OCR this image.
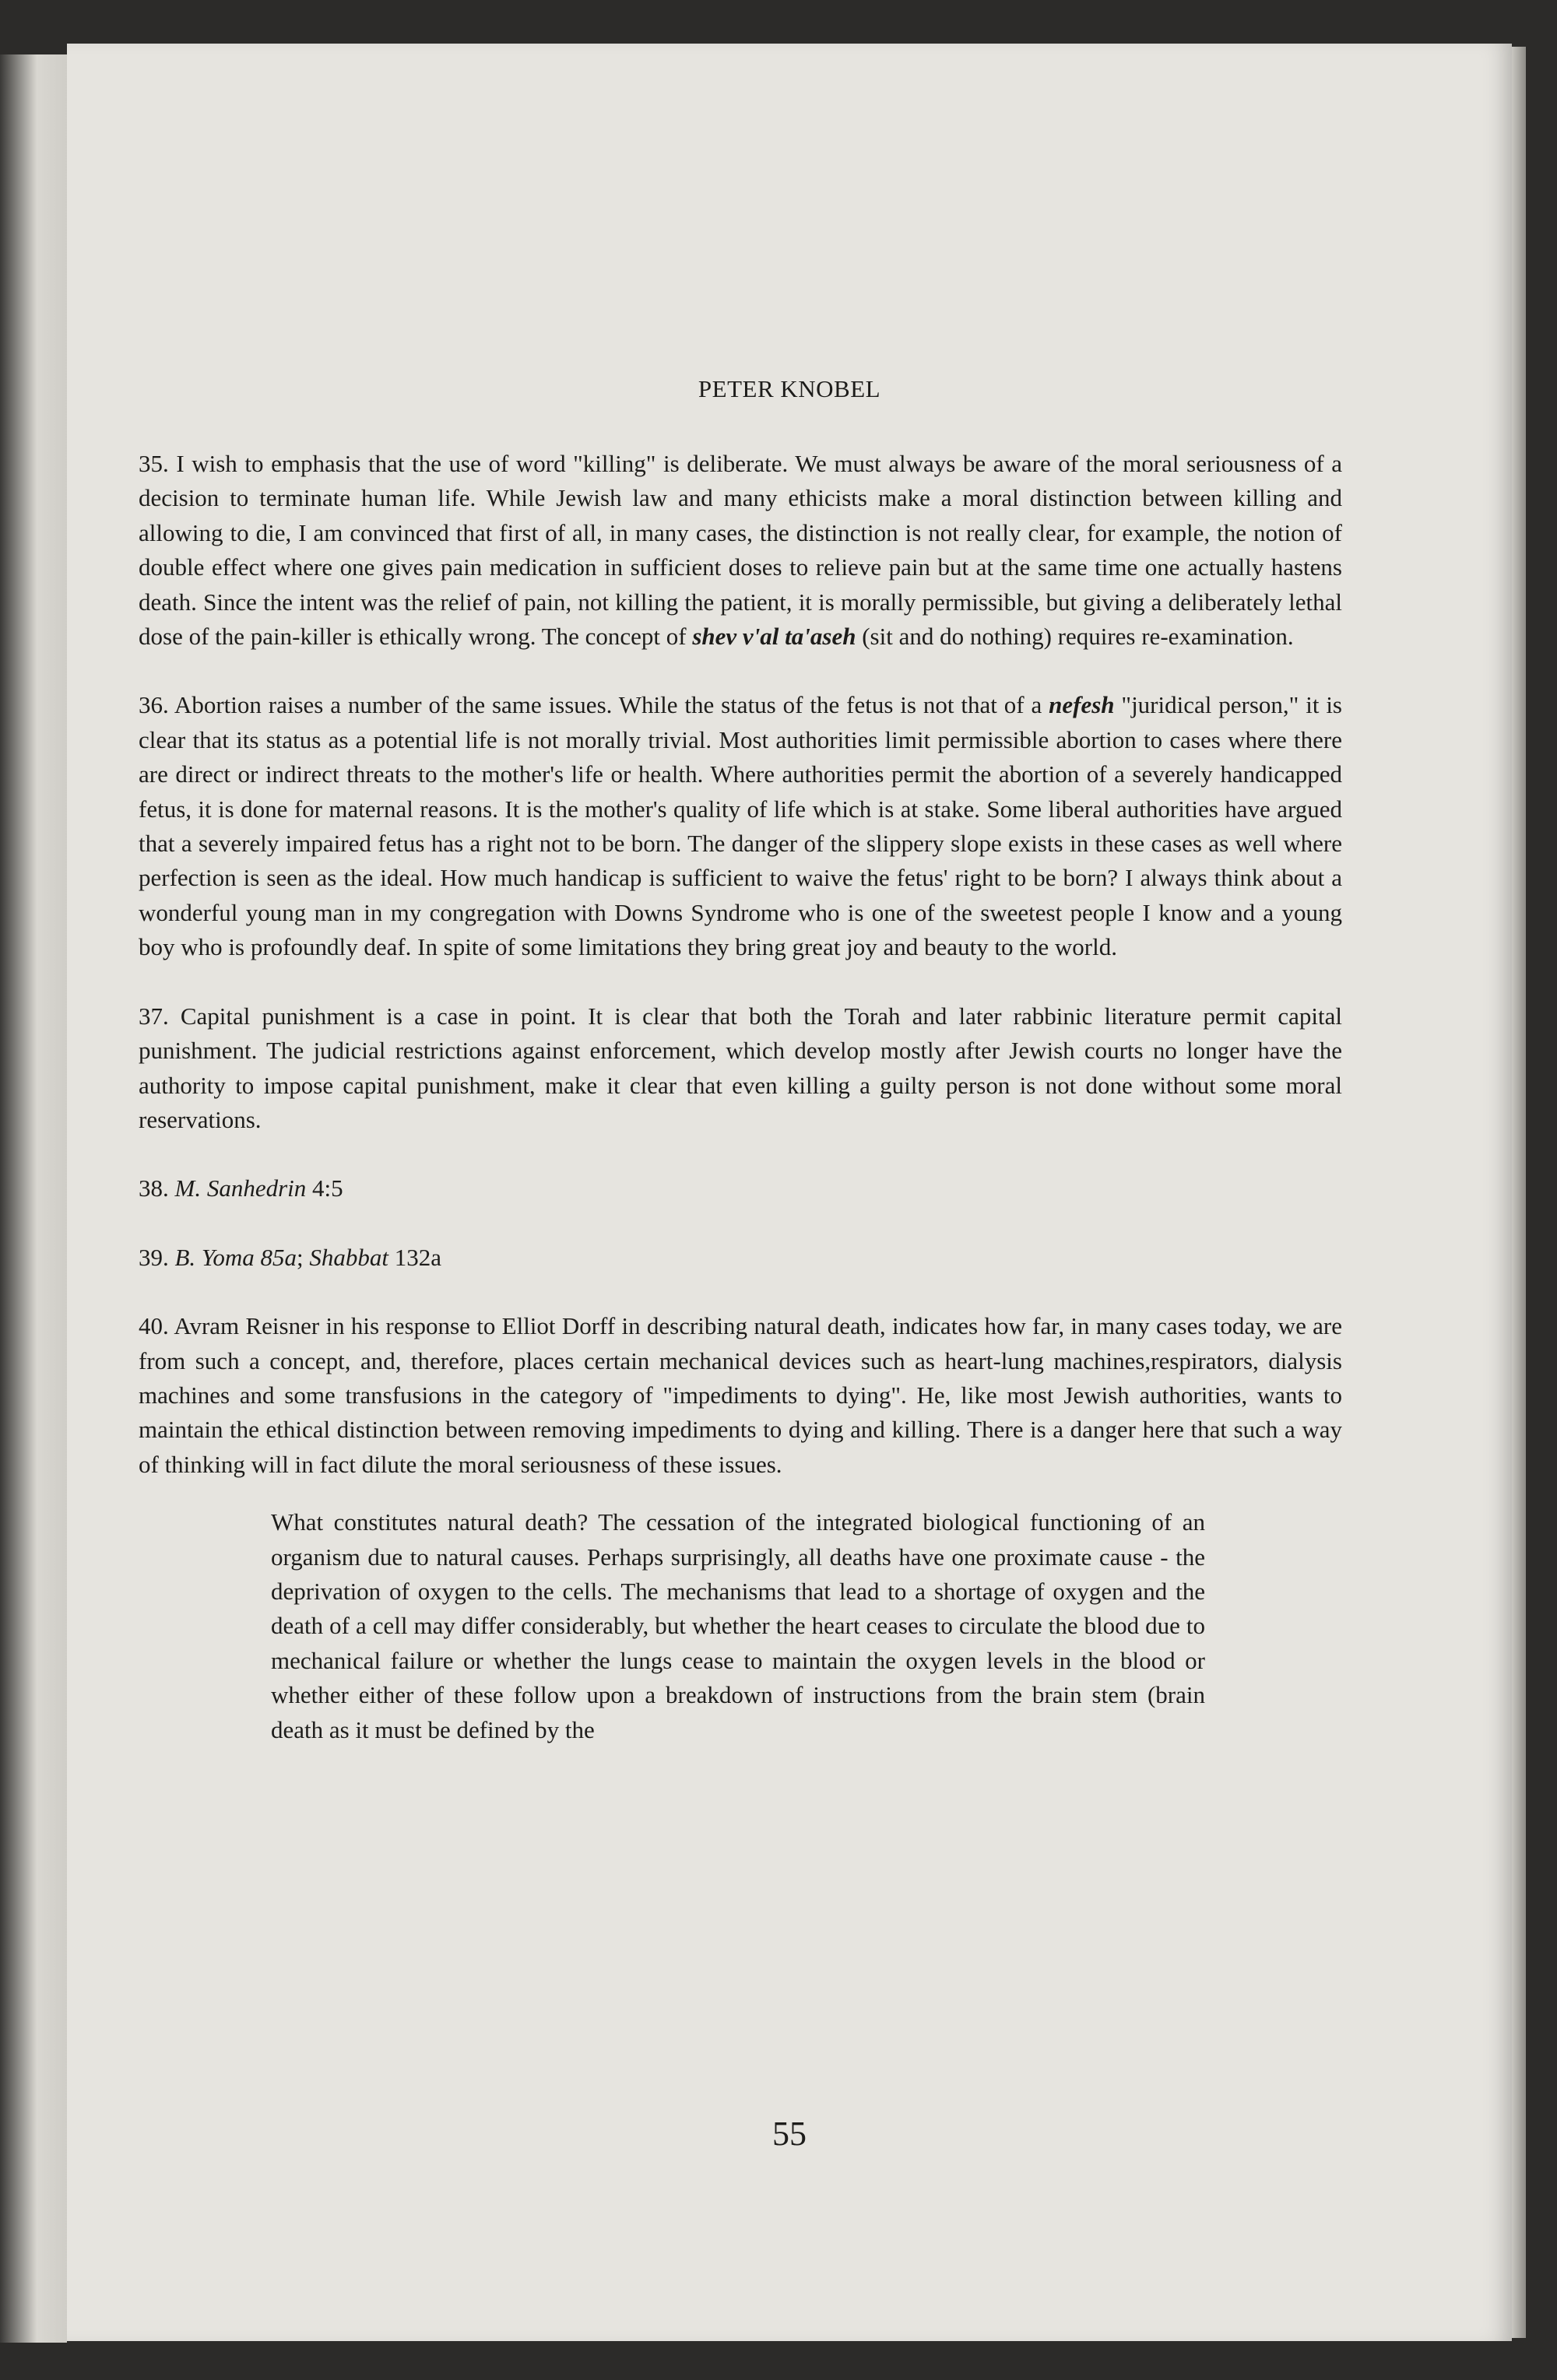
PETER KNOBEL

35. I wish to emphasis that the use of word "killing" is deliberate. We must always be aware of the moral seriousness of a decision to terminate human life. While Jewish law and many ethicists make a moral distinction between killing and allowing to die, I am convinced that first of all, in many cases, the distinction is not really clear, for example, the notion of double effect where one gives pain medication in sufficient doses to relieve pain but at the same time one actually hastens death. Since the intent was the relief of pain, not killing the patient, it is morally permissible, but giving a deliberately lethal dose of the pain-killer is ethically wrong. The concept of shev v'al ta'aseh (sit and do nothing) requires re-examination.

36. Abortion raises a number of the same issues. While the status of the fetus is not that of a nefesh "juridical person," it is clear that its status as a potential life is not morally trivial. Most authorities limit permissible abortion to cases where there are direct or indirect threats to the mother's life or health. Where authorities permit the abortion of a severely handicapped fetus, it is done for maternal reasons. It is the mother's quality of life which is at stake. Some liberal authorities have argued that a severely impaired fetus has a right not to be born. The danger of the slippery slope exists in these cases as well where perfection is seen as the ideal. How much handicap is sufficient to waive the fetus' right to be born? I always think about a wonderful young man in my congregation with Downs Syndrome who is one of the sweetest people I know and a young boy who is profoundly deaf. In spite of some limitations they bring great joy and beauty to the world.

37. Capital punishment is a case in point. It is clear that both the Torah and later rabbinic literature permit capital punishment. The judicial restrictions against enforcement, which develop mostly after Jewish courts no longer have the authority to impose capital punishment, make it clear that even killing a guilty person is not done without some moral reservations.

38. M. Sanhedrin 4:5

39. B. Yoma 85a; Shabbat 132a

40. Avram Reisner in his response to Elliot Dorff in describing natural death, indicates how far, in many cases today, we are from such a concept, and, therefore, places certain mechanical devices such as heart-lung machines,respirators, dialysis machines and some transfusions in the category of "impediments to dying". He, like most Jewish authorities, wants to maintain the ethical distinction between removing impediments to dying and killing. There is a danger here that such a way of thinking will in fact dilute the moral seriousness of these issues.

What constitutes natural death? The cessation of the integrated biological functioning of an organism due to natural causes. Perhaps surprisingly, all deaths have one proximate cause - the deprivation of oxygen to the cells. The mechanisms that lead to a shortage of oxygen and the death of a cell may differ considerably, but whether the heart ceases to circulate the blood due to mechanical failure or whether the lungs cease to maintain the oxygen levels in the blood or whether either of these follow upon a breakdown of instructions from the brain stem (brain death as it must be defined by the

55
